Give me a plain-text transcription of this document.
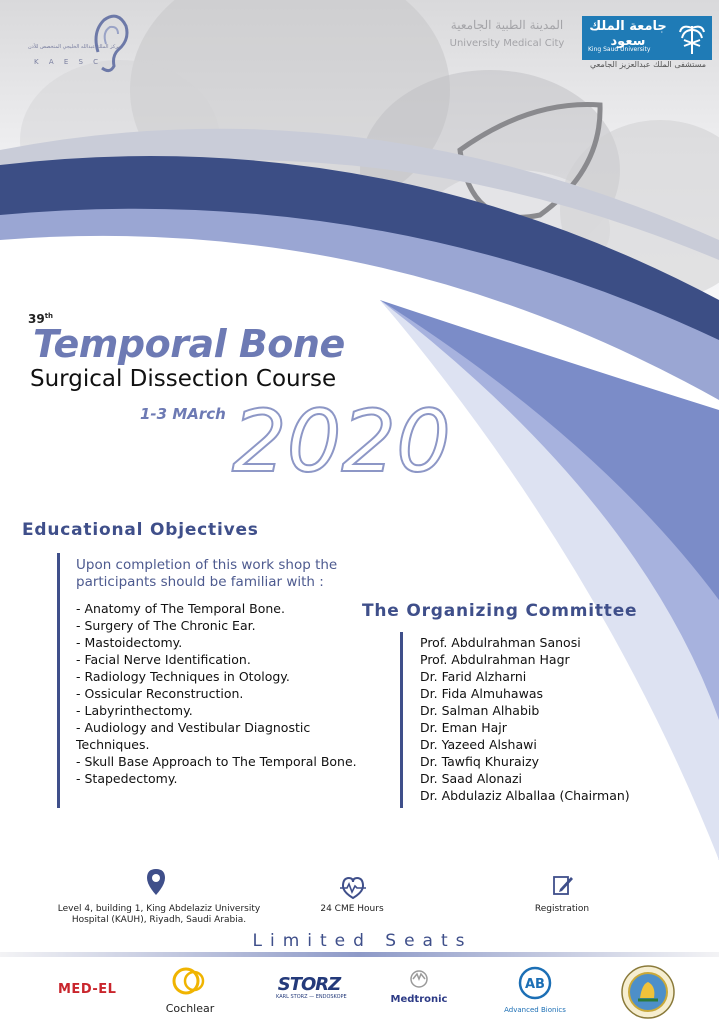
مركز الملك عبدالله الخليجي المتخصص للأذن
K A E S C
المدينة الطبية الجامعية
University Medical City
جامعة الملك سعود
King Saud University
مستشفى الملك عبدالعزيز الجامعي
39th
Temporal Bone
Surgical Dissection Course
1-3 MArch 2020
Educational Objectives
Upon completion of this work shop the participants should be familiar with :
- Anatomy of The Temporal Bone.
- Surgery of The Chronic Ear.
- Mastoidectomy.
- Facial Nerve Identification.
- Radiology Techniques in Otology.
- Ossicular Reconstruction.
- Labyrinthectomy.
- Audiology and Vestibular Diagnostic Techniques.
- Skull Base Approach to The Temporal Bone.
- Stapedectomy.
The Organizing Committee
Prof. Abdulrahman Sanosi
Prof. Abdulrahman Hagr
Dr. Farid Alzharni
Dr. Fida Almuhawas
Dr. Salman Alhabib
Dr. Eman Hajr
Dr. Yazeed Alshawi
Dr. Tawfiq Khuraizy
Dr. Saad Alonazi
Dr. Abdulaziz Alballaa (Chairman)
Level 4, building 1, King Abdelaziz University Hospital (KAUH), Riyadh, Saudi Arabia.
24 CME Hours	Registration
Limited Seats
MED-EL
Cochlear
STORZ
KARL STORZ — ENDOSKOPE	Medtronic
AB
Advanced Bionics
